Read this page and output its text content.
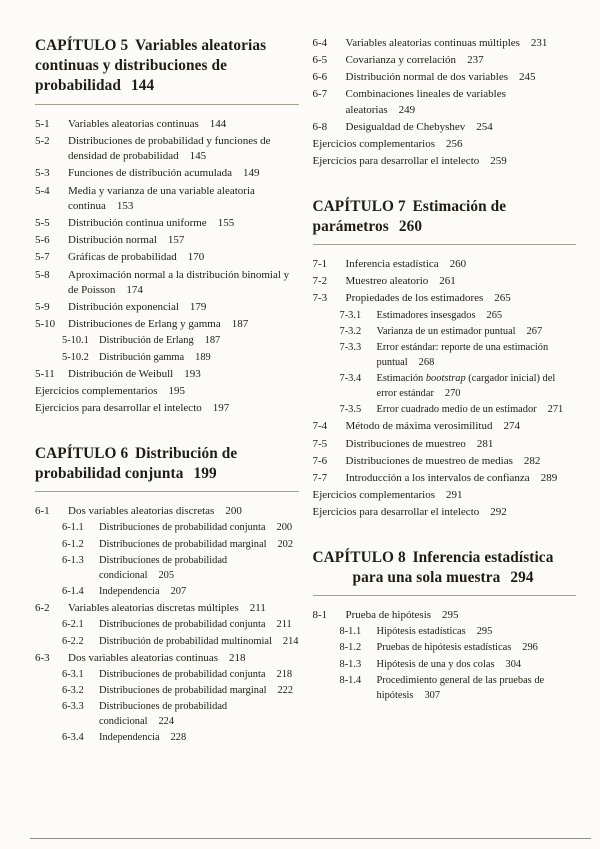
CAPÍTULO 5 Variables aleatorias continuas y distribuciones de probabilidad 144
5-1	Variables aleatorias continuas 144
5-2	Distribuciones de probabilidad y funciones de densidad de probabilidad 145
5-3	Funciones de distribución acumulada 149
5-4	Media y varianza de una variable aleatoria continua 153
5-5	Distribución continua uniforme 155
5-6	Distribución normal 157
5-7	Gráficas de probabilidad 170
5-8	Aproximación normal a la distribución binomial y de Poisson 174
5-9	Distribución exponencial 179
5-10	Distribuciones de Erlang y gamma 187
5-10.1 Distribución de Erlang 187
5-10.2 Distribución gamma 189
5-11	Distribución de Weibull 193
Ejercicios complementarios 195
Ejercicios para desarrollar el intelecto 197
CAPÍTULO 6 Distribución de probabilidad conjunta 199
6-1	Dos variables aleatorias discretas 200
6-1.1	Distribuciones de probabilidad conjunta 200
6-1.2	Distribuciones de probabilidad marginal 202
6-1.3	Distribuciones de probabilidad condicional 205
6-1.4	Independencia 207
6-2	Variables aleatorias discretas múltiples 211
6-2.1	Distribuciones de probabilidad conjunta 211
6-2.2	Distribución de probabilidad multinomial 214
6-3	Dos variables aleatorias continuas 218
6-3.1	Distribuciones de probabilidad conjunta 218
6-3.2	Distribuciones de probabilidad marginal 222
6-3.3	Distribuciones de probabilidad condicional 224
6-3.4	Independencia 228
6-4	Variables aleatorias continuas múltiples 231
6-5	Covarianza y correlación 237
6-6	Distribución normal de dos variables 245
6-7	Combinaciones lineales de variables aleatorias 249
6-8	Desigualdad de Chebyshev 254
Ejercicios complementarios 256
Ejercicios para desarrollar el intelecto 259
CAPÍTULO 7 Estimación de parámetros 260
7-1	Inferencia estadística 260
7-2	Muestreo aleatorio 261
7-3	Propiedades de los estimadores 265
7-3.1	Estimadores insesgados 265
7-3.2	Varianza de un estimador puntual 267
7-3.3	Error estándar: reporte de una estimación puntual 268
7-3.4	Estimación bootstrap (cargador inicial) del error estándar 270
7-3.5	Error cuadrado medio de un estimador 271
7-4	Método de máxima verosimilitud 274
7-5	Distribuciones de muestreo 281
7-6	Distribuciones de muestreo de medias 282
7-7	Introducción a los intervalos de confianza 289
Ejercicios complementarios 291
Ejercicios para desarrollar el intelecto 292
CAPÍTULO 8 Inferencia estadística para una sola muestra 294
8-1	Prueba de hipótesis 295
8-1.1	Hipótesis estadísticas 295
8-1.2	Pruebas de hipótesis estadísticas 296
8-1.3	Hipótesis de una y dos colas 304
8-1.4	Procedimiento general de las pruebas de hipótesis 307
